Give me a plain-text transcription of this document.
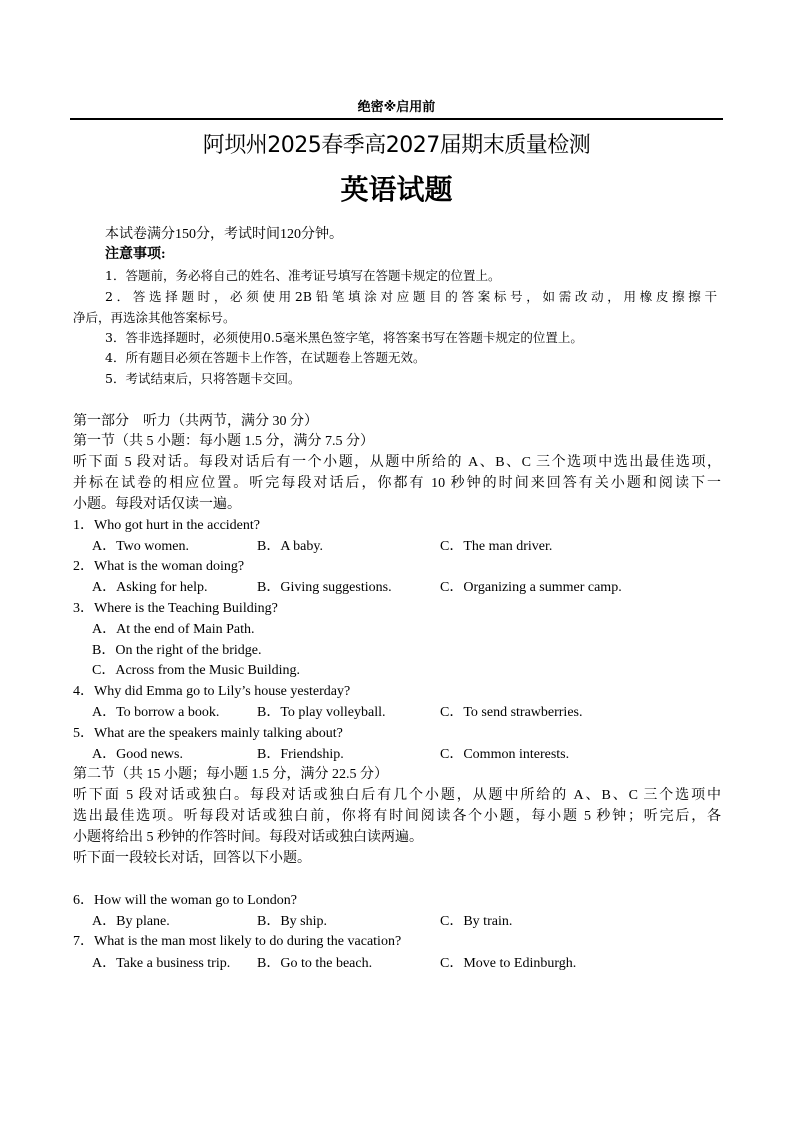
绝密※启用前
阿坝州2025春季高2027届期末质量检测
英语试题
本试卷满分150分，考试时间120分钟。
注意事项:
1．答题前，务必将自己的姓名、准考证号填写在答题卡规定的位置上。
2．答选择题时，必须使用2B铅笔填涂对应题目的答案标号，如需改动，用橡皮擦擦干
净后，再选涂其他答案标号。
3．答非选择题时，必须使用0.5毫米黑色签字笔，将答案书写在答题卡规定的位置上。
4．所有题目必须在答题卡上作答，在试题卷上答题无效。
5．考试结束后，只将答题卡交回。
第一部分　听力（共两节，满分 30 分）
第一节（共 5 小题：每小题 1.5 分，满分 7.5 分）
听下面 5 段对话。每段对话后有一个小题，从题中所给的 A、B、C 三个选项中选出最佳选项，
并标在试卷的相应位置。听完每段对话后，你都有 10 秒钟的时间来回答有关小题和阅读下一
小题。每段对话仅读一遍。
1．Who got hurt in the accident?
A．Two women.	B．A baby.	C．The man driver.
2．What is the woman doing?
A．Asking for help.	B．Giving suggestions.	C．Organizing a summer camp.
3．Where is the Teaching Building?
A．At the end of Main Path.
B．On the right of the bridge.
C．Across from the Music Building.
4．Why did Emma go to Lily’s house yesterday?
A．To borrow a book.	B．To play volleyball.	C．To send strawberries.
5．What are the speakers mainly talking about?
A．Good news.	B．Friendship.	C．Common interests.
第二节（共 15 小题；每小题 1.5 分，满分 22.5 分）
听下面 5 段对话或独白。每段对话或独白后有几个小题，从题中所给的 A、B、C 三个选项中
选出最佳选项。听每段对话或独白前，你将有时间阅读各个小题，每小题 5 秒钟；听完后，各
小题将给出 5 秒钟的作答时间。每段对话或独白读两遍。
听下面一段较长对话，回答以下小题。
6．How will the woman go to London?
A．By plane.	B．By ship.	C．By train.
7．What is the man most likely to do during the vacation?
A．Take a business trip. B．Go to the beach.	C．Move to Edinburgh.
